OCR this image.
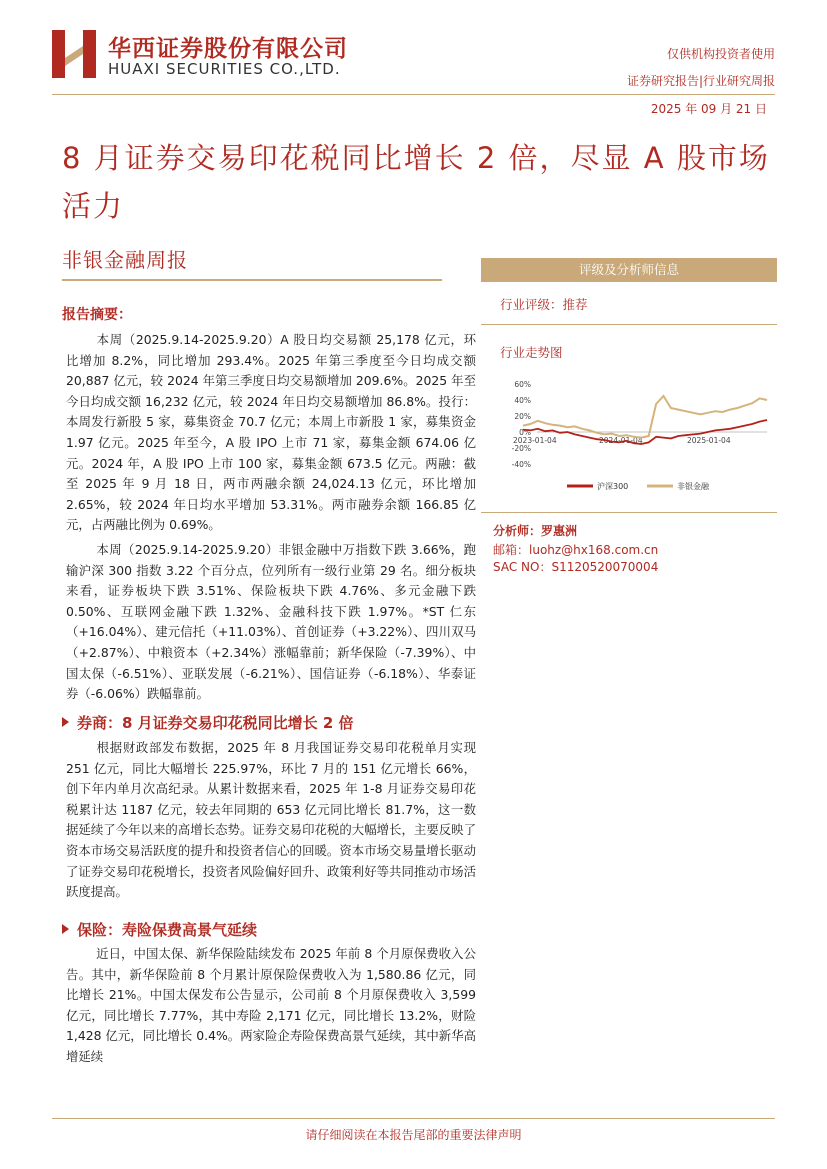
华西证券股份有限公司
HUAXI SECURITIES CO.,LTD.
仅供机构投资者使用
证券研究报告|行业研究周报
2025 年 09 月 21 日
8 月证券交易印花税同比增长 2 倍，尽显 A 股市场活力
非银金融周报
报告摘要：
本周（2025.9.14-2025.9.20）A 股日均交易额 25,178 亿元，环比增加 8.2%，同比增加 293.4%。2025 年第三季度至今日均成交额 20,887 亿元，较 2024 年第三季度日均交易额增加 209.6%。2025 年至今日均成交额 16,232 亿元，较 2024 年日均交易额增加 86.8%。投行：本周发行新股 5 家，募集资金 70.7 亿元；本周上市新股 1 家，募集资金 1.97 亿元。2025 年至今，A 股 IPO 上市 71 家，募集金额 674.06 亿元。2024 年，A 股 IPO 上市 100 家，募集金额 673.5 亿元。两融：截至 2025 年 9 月 18 日，两市两融余额 24,024.13 亿元，环比增加 2.65%，较 2024 年日均水平增加 53.31%。两市融券余额 166.85 亿元，占两融比例为 0.69%。
本周（2025.9.14-2025.9.20）非银金融中万指数下跌 3.66%，跑输沪深 300 指数 3.22 个百分点，位列所有一级行业第 29 名。细分板块来看，证券板块下跌 3.51%、保险板块下跌 4.76%、多元金融下跌 0.50%、互联网金融下跌 1.32%、金融科技下跌 1.97%。*ST 仁东（+16.04%）、建元信托（+11.03%）、首创证券（+3.22%）、四川双马（+2.87%）、中粮资本（+2.34%）涨幅靠前；新华保险（-7.39%）、中国太保（-6.51%）、亚联发展（-6.21%）、国信证券（-6.18%）、华泰证券（-6.06%）跌幅靠前。
券商：8 月证券交易印花税同比增长 2 倍
根据财政部发布数据，2025 年 8 月我国证券交易印花税单月实现 251 亿元，同比大幅增长 225.97%，环比 7 月的 151 亿元增长 66%，创下年内单月次高纪录。从累计数据来看，2025 年 1-8 月证券交易印花税累计达 1187 亿元，较去年同期的 653 亿元同比增长 81.7%，这一数据延续了今年以来的高增长态势。证券交易印花税的大幅增长，主要反映了资本市场交易活跃度的提升和投资者信心的回暖。资本市场交易量增长驱动了证券交易印花税增长，投资者风险偏好回升、政策利好等共同推动市场活跃度提高。
保险：寿险保费高景气延续
近日，中国太保、新华保险陆续发布 2025 年前 8 个月原保费收入公告。其中，新华保险前 8 个月累计原保险保费收入为 1,580.86 亿元，同比增长 21%。中国太保发布公告显示，公司前 8 个月原保费收入 3,599 亿元，同比增长 7.77%，其中寿险 2,171 亿元，同比增长 13.2%，财险 1,428 亿元，同比增长 0.4%。两家险企寿险保费高景气延续，其中新华高增延续
评级及分析师信息
行业评级：推荐
行业走势图
60%
40%
20%
0%
-20%
-40%
2023-01-04	2024-01-04	2025-01-04
沪深300	非银金融
分析师：罗惠洲
邮箱：luohz@hx168.com.cn
SAC NO：S1120520070004
请仔细阅读在本报告尾部的重要法律声明
